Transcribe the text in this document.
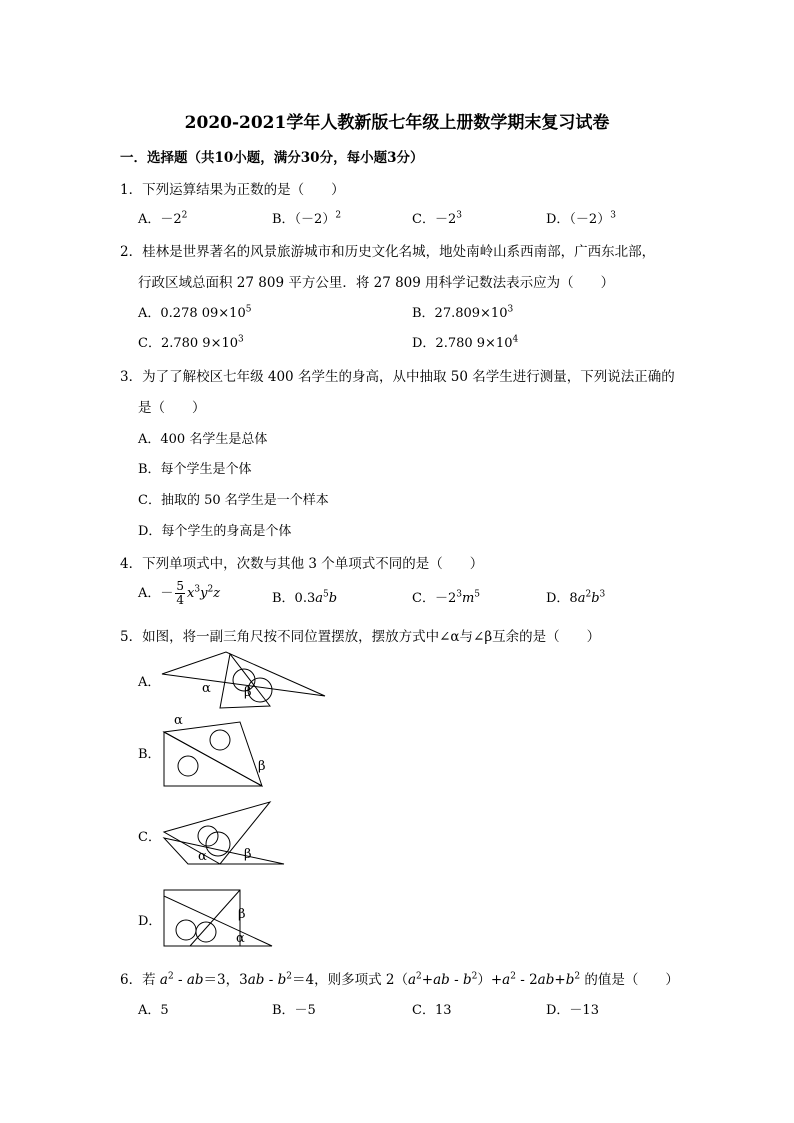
2020-2021学年人教新版七年级上册数学期末复习试卷
一．选择题（共10小题，满分30分，每小题3分）
1．下列运算结果为正数的是（　　）
A．$-2^2$	B．$(-2)^2$	C．$-2^3$	D．$(-2)^3$
2．桂林是世界著名的风景旅游城市和历史文化名城，地处南岭山系西南部，广西东北部，
行政区域总面积 27 809 平方公里．将 27 809 用科学记数法表示应为（　　）
A．0.278 $09\times 10^5$	B．$27.809\times 10^3$
C．2.780 $9\times 10^3$	D．2.780 $9\times 10^4$
3．为了了解校区七年级 400 名学生的身高，从中抽取 50 名学生进行测量，下列说法正确的
是（　　）
A．400 名学生是总体
B．每个学生是个体
C．抽取的 50 名学生是一个样本
D．每个学生的身高是个体
4．下列单项式中，次数与其他 3 个单项式不同的是（　　）
A．－ $\frac{5}{4} x^3y^2z$	B．$0.3a^5b$	C．$-2^3m^5$	D．$8a^2b^3$
5．如图，将一副三角尺按不同位置摆放，摆放方式中∠α与∠β互余的是（　　）
A．	α	β
B．
α
β
C．
α	β
D．	β
α
6．若 $a^2 - ab=3$，$3ab - b^2=4$，则多项式 $2(a^2+ab - b^2)+a^2 - 2ab+b^2$ 的值是（　　）
A．5	B．－5	C．13	D．－13
